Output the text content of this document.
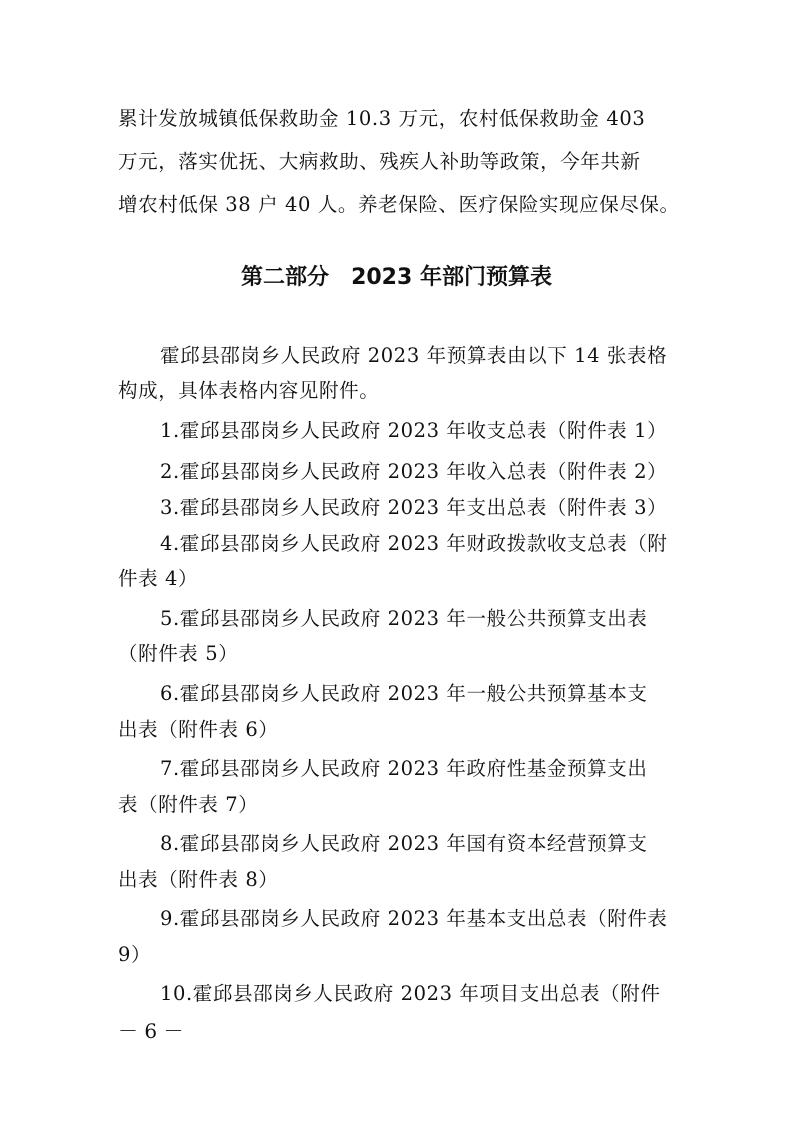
累计发放城镇低保救助金 10.3 万元，农村低保救助金 403
万元，落实优抚、大病救助、残疾人补助等政策，今年共新
增农村低保 38 户 40 人。养老保险、医疗保险实现应保尽保。
第二部分 2023 年部门预算表
霍邱县邵岗乡人民政府 2023 年预算表由以下 14 张表格
构成，具体表格内容见附件。
1.霍邱县邵岗乡人民政府 2023 年收支总表（附件表 1）
2.霍邱县邵岗乡人民政府 2023 年收入总表（附件表 2）
3.霍邱县邵岗乡人民政府 2023 年支出总表（附件表 3）
4.霍邱县邵岗乡人民政府 2023 年财政拨款收支总表（附
件表 4）
5.霍邱县邵岗乡人民政府 2023 年一般公共预算支出表
（附件表 5）
6.霍邱县邵岗乡人民政府 2023 年一般公共预算基本支
出表（附件表 6）
7.霍邱县邵岗乡人民政府 2023 年政府性基金预算支出
表（附件表 7）
8.霍邱县邵岗乡人民政府 2023 年国有资本经营预算支
出表（附件表 8）
9.霍邱县邵岗乡人民政府 2023 年基本支出总表（附件表
9）
10.霍邱县邵岗乡人民政府 2023 年项目支出总表（附件
－ 6 －
